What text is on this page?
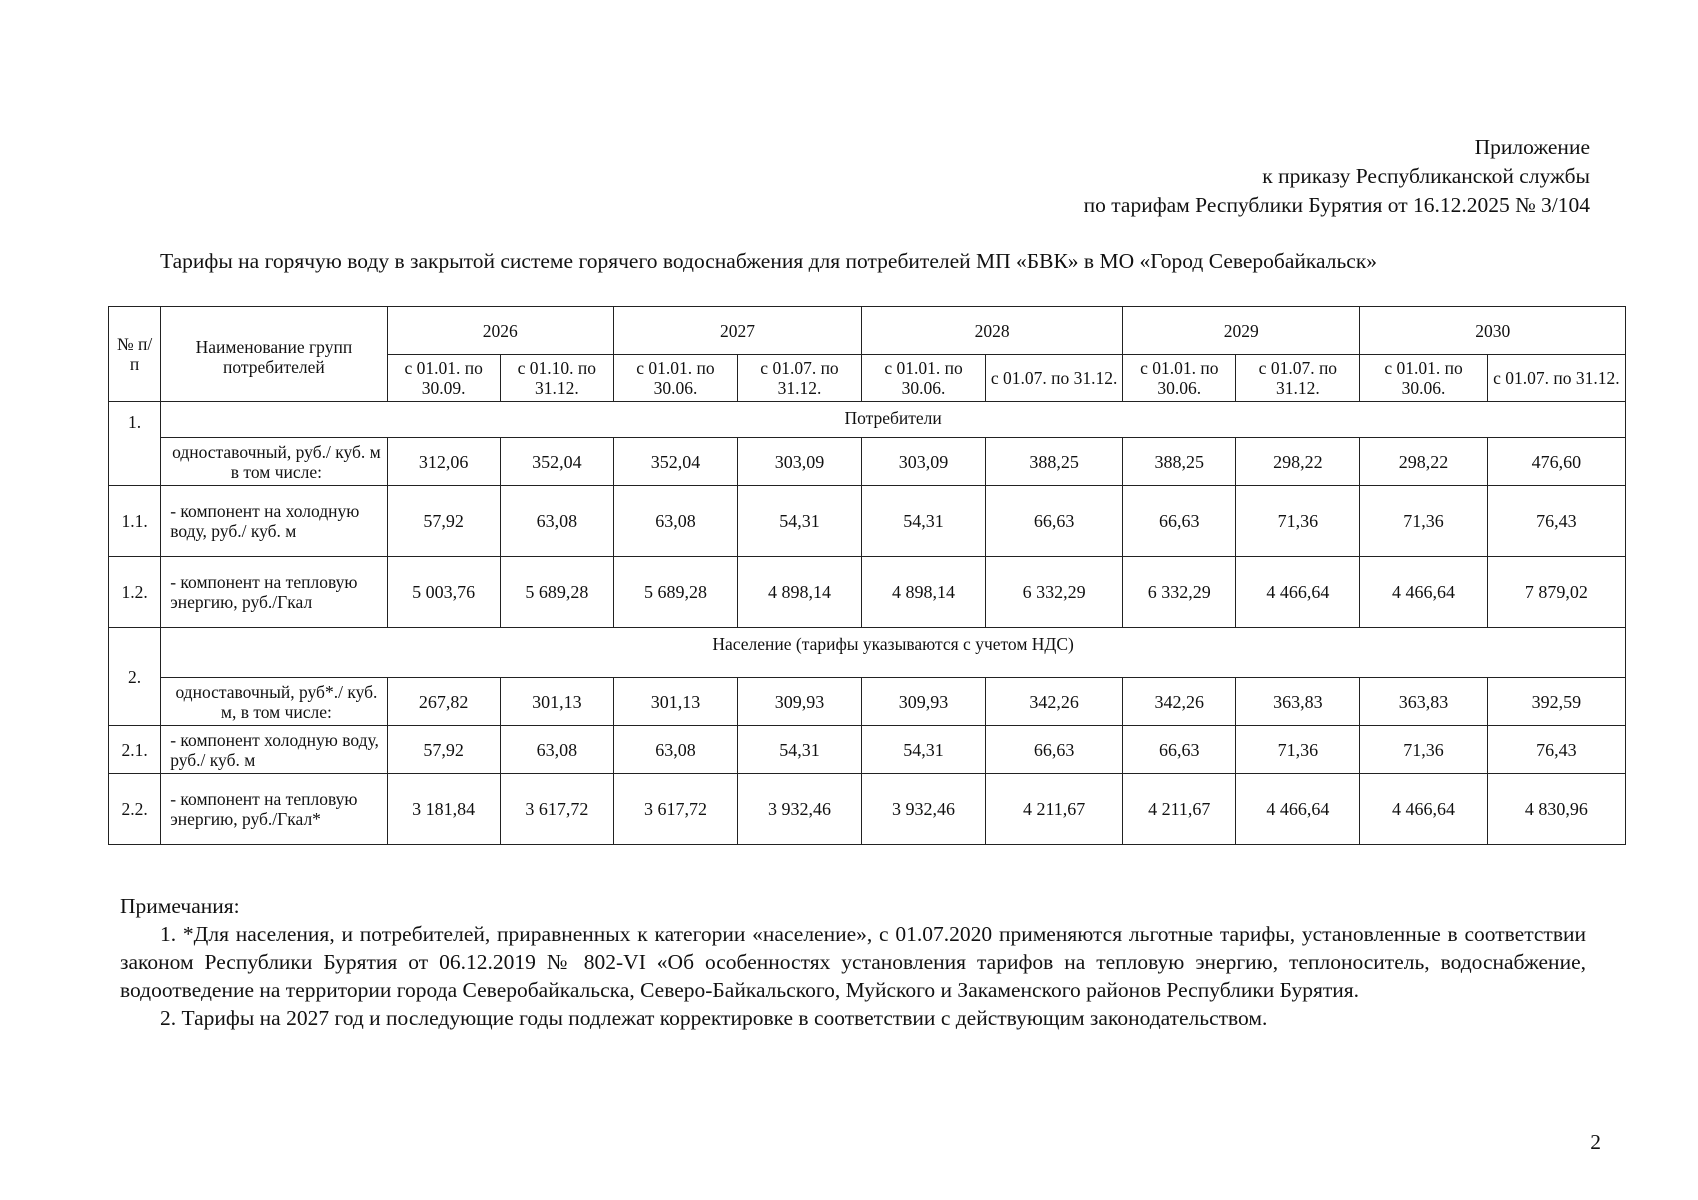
Приложение
к приказу Республиканской службы
по тарифам Республики Бурятия от 16.12.2025 № 3/104
Тарифы на горячую воду в закрытой системе горячего водоснабжения для потребителей МП «БВК» в МО «Город Северобайкальск»
№ п/п	Наименование групп потребителей	2026		2027		2028		2029		2030	
		с 01.01. по 30.09.	с 01.10. по 31.12.	с 01.01. по 30.06.	с 01.07. по 31.12.	с 01.01. по 30.06.	с 01.07. по 31.12.	с 01.01. по 30.06.	с 01.07. по 31.12.	с 01.01. по 30.06.	с 01.07. по 31.12.
1.	Потребители										
	одноставочный, руб./ куб. м в том числе:	312,06	352,04	352,04	303,09	303,09	388,25	388,25	298,22	298,22	476,60
1.1.	- компонент на холодную воду, руб./ куб. м	57,92	63,08	63,08	54,31	54,31	66,63	66,63	71,36	71,36	76,43
1.2.	- компонент на тепловую энергию, руб./Гкал	5 003,76	5 689,28	5 689,28	4 898,14	4 898,14	6 332,29	6 332,29	4 466,64	4 466,64	7 879,02
2.	Население (тарифы указываются с учетом НДС)										
	одноставочный, руб*./ куб. м, в том числе:	267,82	301,13	301,13	309,93	309,93	342,26	342,26	363,83	363,83	392,59
2.1.	- компонент холодную воду, руб./ куб. м	57,92	63,08	63,08	54,31	54,31	66,63	66,63	71,36	71,36	76,43
2.2.	- компонент на тепловую энергию, руб./Гкал*	3 181,84	3 617,72	3 617,72	3 932,46	3 932,46	4 211,67	4 211,67	4 466,64	4 466,64	4 830,96
Примечания:

1. *Для населения, и потребителей, приравненных к категории «население», с 01.07.2020 применяются льготные тарифы, установленные в соответствии законом Республики Бурятия от 06.12.2019 № 802-VI «Об особенностях установления тарифов на тепловую энергию, теплоноситель, водоснабжение, водоотведение на территории города Северобайкальска, Северо-Байкальского, Муйского и Закаменского районов Республики Бурятия.

2. Тарифы на 2027 год и последующие годы подлежат корректировке в соответствии с действующим законодательством.

2
